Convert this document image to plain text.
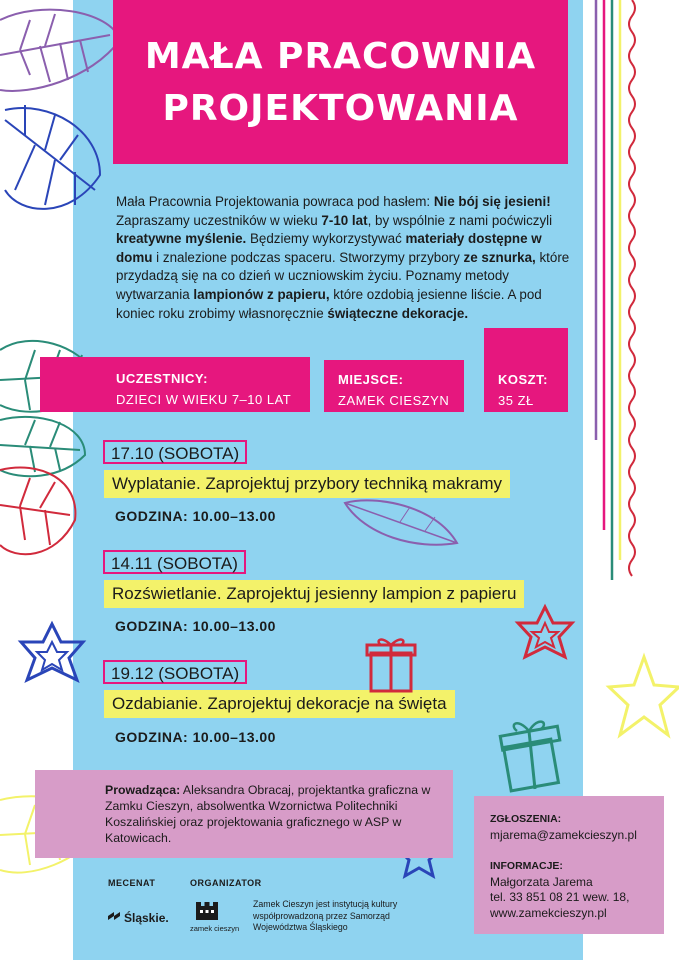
MAŁA PRACOWNIA
PROJEKTOWANIA
Mała Pracownia Projektowania powraca pod hasłem: Nie bój się jesieni! Zapraszamy uczestników w wieku 7-10 lat, by wspólnie z nami poćwiczyli kreatywne myślenie. Będziemy wykorzystywać materiały dostępne w domu i znalezione podczas spaceru. Stworzymy przybory ze sznurka, które przydadzą się na co dzień w uczniowskim życiu. Poznamy metody wytwarzania lampionów z papieru, które ozdobią jesienne liście. A pod koniec roku zrobimy własnoręcznie świąteczne dekoracje.
UCZESTNICY:
DZIECI W WIEKU 7–10 LAT
MIEJSCE:
ZAMEK CIESZYN
KOSZT:
35 ZŁ
17.10 (SOBOTA)
Wyplatanie. Zaprojektuj przybory techniką makramy
GODZINA: 10.00–13.00
14.11 (SOBOTA)
Rozświetlanie. Zaprojektuj jesienny lampion z papieru
GODZINA: 10.00–13.00
19.12 (SOBOTA)
Ozdabianie. Zaprojektuj dekoracje na święta
GODZINA: 10.00–13.00
Prowadząca: Aleksandra Obracaj, projektantka graficzna w Zamku Cieszyn, absolwentka Wzornictwa Politechniki Koszalińskiej oraz projektowania graficznego w ASP w Katowicach.
ZGŁOSZENIA:
mjarema@zamekcieszyn.pl
INFORMACJE:
Małgorzata Jarema
tel. 33 851 08 21 wew. 18,
www.zamekcieszyn.pl
MECENAT	ORGANIZATOR
Śląskie.
zamek cieszyn
Zamek Cieszyn jest instytucją kultury współprowadzoną przez Samorząd Województwa Śląskiego
